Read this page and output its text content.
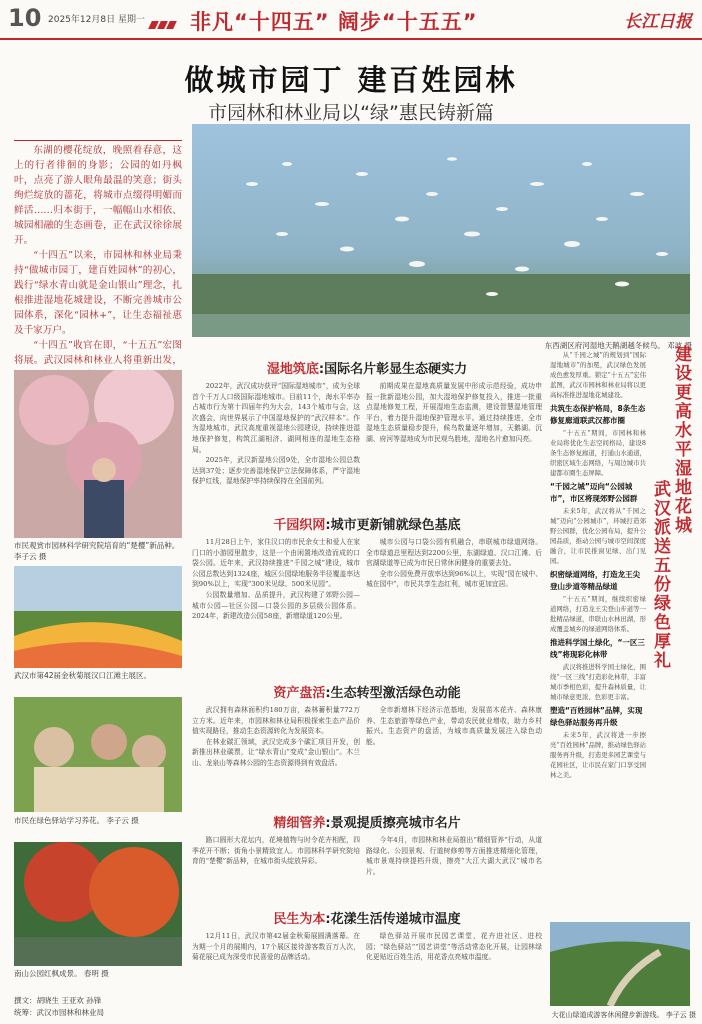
10 2025年12月8日 星期一 非凡“十四五” 阔步“十五五”	长江日报
做城市园丁 建百姓园林
市园林和林业局以“绿”惠民铸新篇

东湖的樱花绽放，晚照着春意，这上的行者徘徊的身影；公园的如丹枫叶，点亮了游人眼角最温的笑意；街头绚烂绽放的蔷花，将城市点缀得明媚而鲜活……归本街于，一幅幅山水相依、城园相融的生态画卷，正在武汉徐徐展开。

“十四五”以来，市园林和林业局秉持“做城市园丁，建百姓园林”的初心，践行“绿水青山就是金山银山”理念，扎根推进湿地花城建设，不断完善城市公园体系，深化“园林+”，让生态福祉惠及千家万户。

“十四五”收官在即，“十五五”宏图将展。武汉园林和林业人将重新出发，

东西湖区府河湿地天鹅湖越冬候鸟。 邓波 摄
市民观赏市园林科学研究院培育的“楚樱”新品种。 李子云 摄
武汉市第42届金秋菊展汉口江滩主展区。
市民在绿色驿站学习养花。 李子云 摄
南山公园红枫成景。 春明 摄
撰文：胡晓生 王亚欢 孙锋
统筹：武汉市园林和林业局
湿地筑底:国际名片彰显生态硬实力

2022年，武汉成功获评“国际湿地城市”，成为全球首个千万人口级国际湿地城市。目前11个，海水平率办占城市行为第十四届年约为大会，143个城市与会，这次盛会，向世界展示了中国湿地保护的“武汉样本”。作为湿地城市，武汉高度重视湿地公园建设，持续推进湿地保护修复，构筑江湖相济、湖网相连的湿地生态格局。

2025年，武汉新湿地公园9处，全市湿地公园总数达到37处；逐步完善湿地保护立法保障体系，严守湿地保护红线，湿地保护率持续保持在全国前列。

前期成果在湿地高质量发展中形成示范经验，成功申报一批新湿地公园，加大湿地保护修复投入，推进一批重点湿地修复工程，开展湿地生态监测，建设智慧湿地管理平台，着力提升湿地保护管理水平。通过持续推进，全市湿地生态质量稳步提升，候鸟数量逐年增加，天鹅湖、沉湖、府河等湿地成为市民观鸟胜地，湿地名片愈加闪亮。

千园织网:城市更新铺就绿色基底

11月28日上午，家住汉口的市民余女士和爱人在家门口的小游园里散步，这是一个由闲置地改造而成的口袋公园。近年来，武汉持续推进“千园之城”建设，城市公园总数达到1324座，城区公园绿地服务半径覆盖率达到90%以上，实现“300米见绿、500米见园”。

公园数量增加、品质提升，武汉构建了郊野公园—城市公园—社区公园—口袋公园的多层级公园体系。2024年，新建改造公园58座，新增绿道120公里。

城市公园与口袋公园有机融合，串联城市绿道网络。全市绿道总里程达到2200公里，东湖绿道、汉口江滩、后官湖绿道等已成为市民日常休闲健身的重要去处。

全市公园免费开放率达到96%以上，实现“园在城中、城在园中”，市民共享生态红利，城市更加宜居。

资产盘活:生态转型激活绿色动能

武汉拥有森林面积约180万亩，森林蓄积量772万立方米。近年来，市园林和林业局积极探索生态产品价值实现路径，推动生态资源转化为发展资本。

在林业碳汇领域，武汉完成多个碳汇项目开发，创新推出林业碳票，让“绿水青山”变成“金山银山”。木兰山、龙泉山等森林公园的生态资源得到有效盘活。

全市新增林下经济示范基地，发展苗木花卉、森林康养、生态旅游等绿色产业，带动农民就业增收，助力乡村振兴。生态资产的盘活，为城市高质量发展注入绿色动能。

精细管养:景观提质擦亮城市名片

路口圆形大花坛内，花境植物与时令花卉相配，四季花开不断；街角小景精致宜人。市园林科学研究院培育的“楚樱”新品种，在城市街头绽放异彩。

今年4月，市园林和林业局推出“精细管养”行动，从道路绿化、公园景观、行道树修剪等方面推进精细化管理，城市景观持续提档升级，擦亮“大江大湖大武汉”城市名片。

民生为本:花漾生活传递城市温度

12月11日，武汉市第42届金秋菊展圆满落幕。在为期一个月的展期内，17个展区接待游客数百万人次，菊花展已成为深受市民喜爱的品牌活动。

绿色驿站开展市民园艺课堂，花卉进社区、进校园；“绿色驿站”“园艺讲堂”等活动常态化开展，让园林绿化更贴近百姓生活，用花香点亮城市温度。

建设更高水平湿地花城
武汉派送五份绿色厚礼

从“千园之城”的规划到“国际湿地城市”的加冕，武汉绿色发展成色愈发厚重。锁定“十五五”宏伟蓝图，武汉市园林和林业局将以更高标准推进湿地花城建设。

共筑生态保护格局，8条生态修复廊道联武汉都市圈

“十五五”期间，市园林和林业局将优化生态空间格局，建设8条生态修复廊道，打通山水通道，织密区域生态网络，与周边城市共建都市圈生态屏障。

“千园之城”迈向“公园城市”，市区将现郊野公园群

未来5年，武汉将从“千园之城”迈向“公园城市”，环城打造郊野公园群，优化公园布局，提升公园品质，推动公园与城市空间深度融合，让市民推窗见绿、出门见园。

织密绿道网络，打造龙王尖登山步道等精品绿道

“十五五”期间，继续织密绿道网络，打造龙王尖登山步道等一批精品绿道，串联山水林田湖，形成覆盖城乡的绿道网络体系。

推进科学国土绿化，“一区三线”将现彩化林带

武汉将推进科学国土绿化，围绕“一区三线”打造彩化林带，丰富城市季相色彩，提升森林质量，让城市绿意更浓、色彩更丰富。

塑造“百姓园林”品牌，实现绿色驿站服务再升级

未来5年，武汉将进一步擦亮“百姓园林”品牌，推动绿色驿站服务再升级，打造更多园艺课堂与花园社区，让市民在家门口享受园林之美。

大花山绿道成游客休闲健步新游线。 李子云 摄
